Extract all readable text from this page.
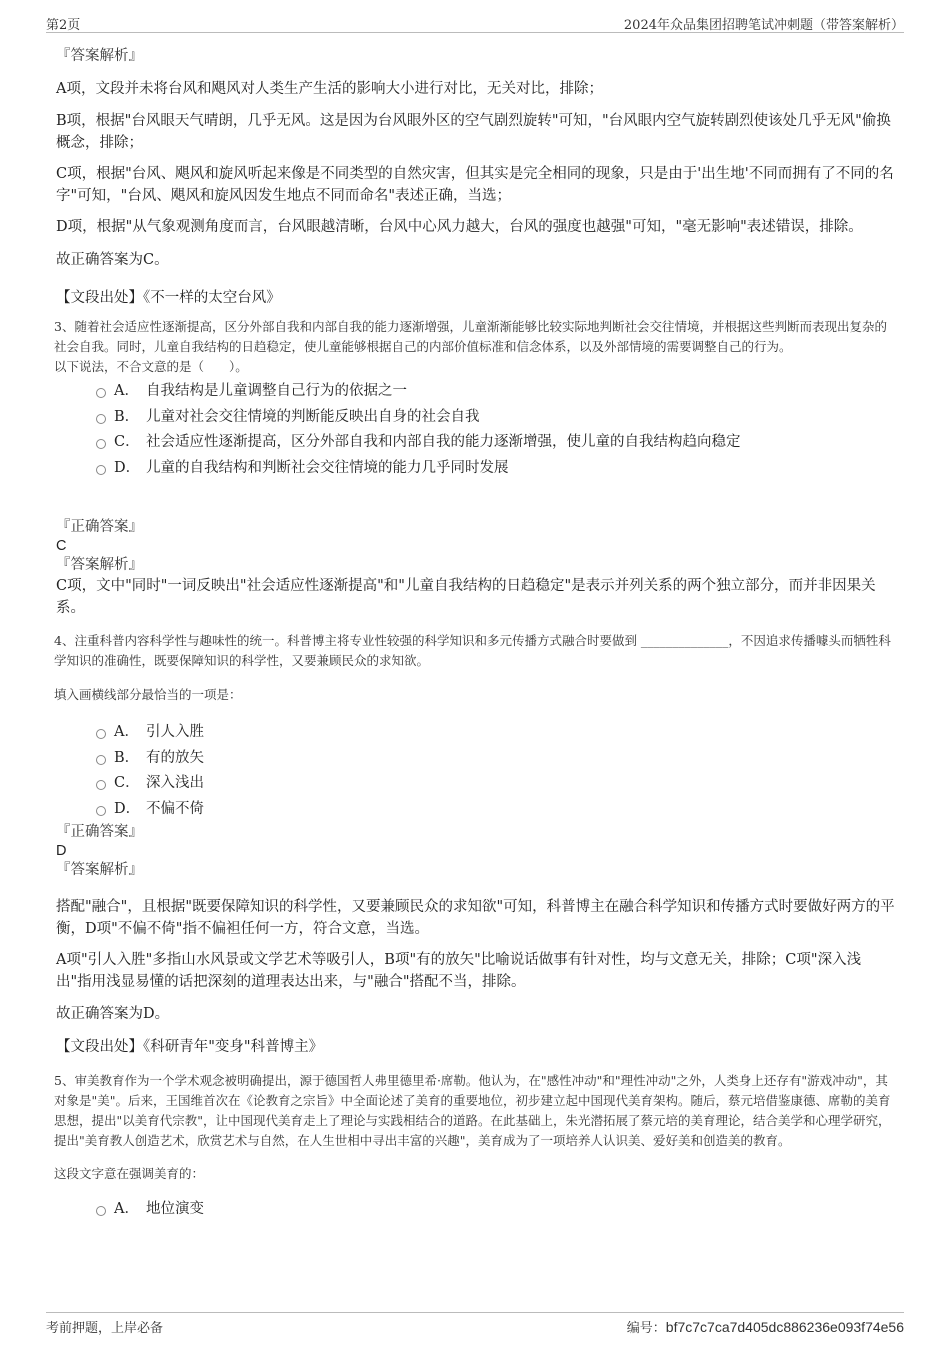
第2页	2024年众品集团招聘笔试冲刺题（带答案解析）

『答案解析』

A项，文段并未将台风和飓风对人类生产生活的影响大小进行对比，无关对比，排除；

B项，根据"台风眼天气晴朗，几乎无风。这是因为台风眼外区的空气剧烈旋转"可知，"台风眼内空气旋转剧烈使该处几乎无风"偷换概念，排除；

C项，根据"台风、飓风和旋风听起来像是不同类型的自然灾害，但其实是完全相同的现象，只是由于'出生地'不同而拥有了不同的名字"可知，"台风、飓风和旋风因发生地点不同而命名"表述正确，当选；

D项，根据"从气象观测角度而言，台风眼越清晰，台风中心风力越大，台风的强度也越强"可知，"毫无影响"表述错误，排除。

故正确答案为C。

【文段出处】《不一样的太空台风》

3、随着社会适应性逐渐提高，区分外部自我和内部自我的能力逐渐增强，儿童渐渐能够比较实际地判断社会交往情境，并根据这些判断而表现出复杂的社会自我。同时，儿童自我结构的日趋稳定，使儿童能够根据自己的内部价值标准和信念体系，以及外部情境的需要调整自己的行为。

以下说法，不合文意的是（　　）。

A． 自我结构是儿童调整自己行为的依据之一
B． 儿童对社会交往情境的判断能反映出自身的社会自我
C． 社会适应性逐渐提高，区分外部自我和内部自我的能力逐渐增强，使儿童的自我结构趋向稳定
D． 儿童的自我结构和判断社会交往情境的能力几乎同时发展

『正确答案』

C

『答案解析』

C项，文中"同时"一词反映出"社会适应性逐渐提高"和"儿童自我结构的日趋稳定"是表示并列关系的两个独立部分，而并非因果关系。

4、注重科普内容科学性与趣味性的统一。科普博主将专业性较强的科学知识和多元传播方式融合时要做到 ______________，不因追求传播噱头而牺牲科学知识的准确性，既要保障知识的科学性，又要兼顾民众的求知欲。

填入画横线部分最恰当的一项是：

A． 引人入胜
B． 有的放矢
C． 深入浅出
D． 不偏不倚

『正确答案』

D

『答案解析』

搭配"融合"，且根据"既要保障知识的科学性，又要兼顾民众的求知欲"可知，科普博主在融合科学知识和传播方式时要做好两方的平衡，D项"不偏不倚"指不偏袒任何一方，符合文意，当选。

A项"引人入胜"多指山水风景或文学艺术等吸引人，B项"有的放矢"比喻说话做事有针对性，均与文意无关，排除；C项"深入浅出"指用浅显易懂的话把深刻的道理表达出来，与"融合"搭配不当，排除。

故正确答案为D。

【文段出处】《科研青年"变身"科普博主》

5、审美教育作为一个学术观念被明确提出，源于德国哲人弗里德里希·席勒。他认为，在"感性冲动"和"理性冲动"之外，人类身上还存有"游戏冲动"，其对象是"美"。后来，王国维首次在《论教育之宗旨》中全面论述了美育的重要地位，初步建立起中国现代美育架构。随后，蔡元培借鉴康德、席勒的美育思想，提出"以美育代宗教"，让中国现代美育走上了理论与实践相结合的道路。在此基础上，朱光潜拓展了蔡元培的美育理论，结合美学和心理学研究，提出"美育教人创造艺术，欣赏艺术与自然，在人生世相中寻出丰富的兴趣"，美育成为了一项培养人认识美、爱好美和创造美的教育。

这段文字意在强调美育的：

A． 地位演变
考前押题，上岸必备	编号：bf7c7c7ca7d405dc886236e093f74e56
